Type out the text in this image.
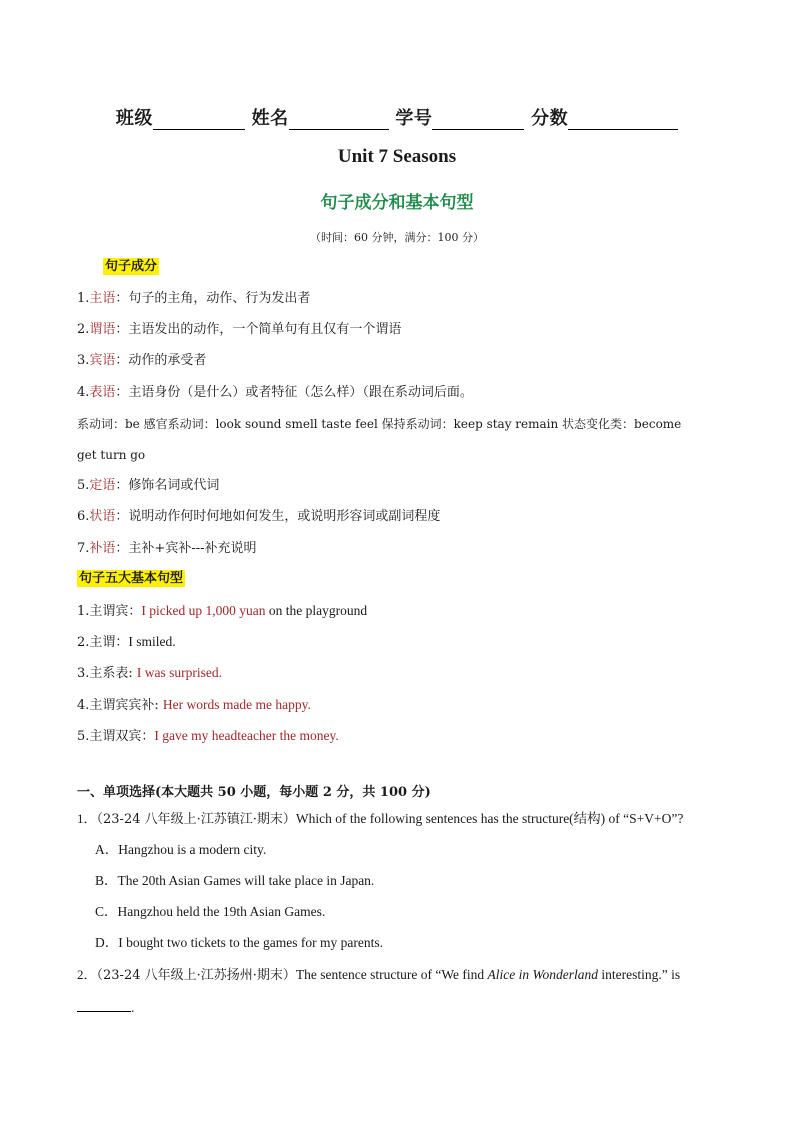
班级	姓名	学号	分数
Unit 7 Seasons
句子成分和基本句型
（时间：60 分钟，满分：100 分）
句子成分
1.主语：句子的主角，动作、行为发出者
2.谓语：主语发出的动作，一个简单句有且仅有一个谓语
3.宾语：动作的承受者
4.表语：主语身份（是什么）或者特征（怎么样）（跟在系动词后面。
系动词：be 感官系动词：look sound smell taste feel 保持系动词：keep stay remain 状态变化类：become
get turn go
5.定语：修饰名词或代词
6.状语：说明动作何时何地如何发生，或说明形容词或副词程度
7.补语：主补+宾补---补充说明
句子五大基本句型
1.主谓宾：I picked up 1,000 yuan on the playground
2.主谓：I smiled.
3.主系表: I was surprised.
4.主谓宾宾补: Her words made me happy.
5.主谓双宾：I gave my headteacher the money.
一、单项选择(本大题共 50 小题，每小题 2 分，共 100 分)
1．（23-24 八年级上·江苏镇江·期末）Which of the following sentences has the structure(结构) of “S+V+O”?
A．Hangzhou is a modern city.
B．The 20th Asian Games will take place in Japan.
C．Hangzhou held the 19th Asian Games.
D．I bought two tickets to the games for my parents.
2．（23-24 八年级上·江苏扬州·期末）The sentence structure of “We find Alice in Wonderland interesting.” is
.
